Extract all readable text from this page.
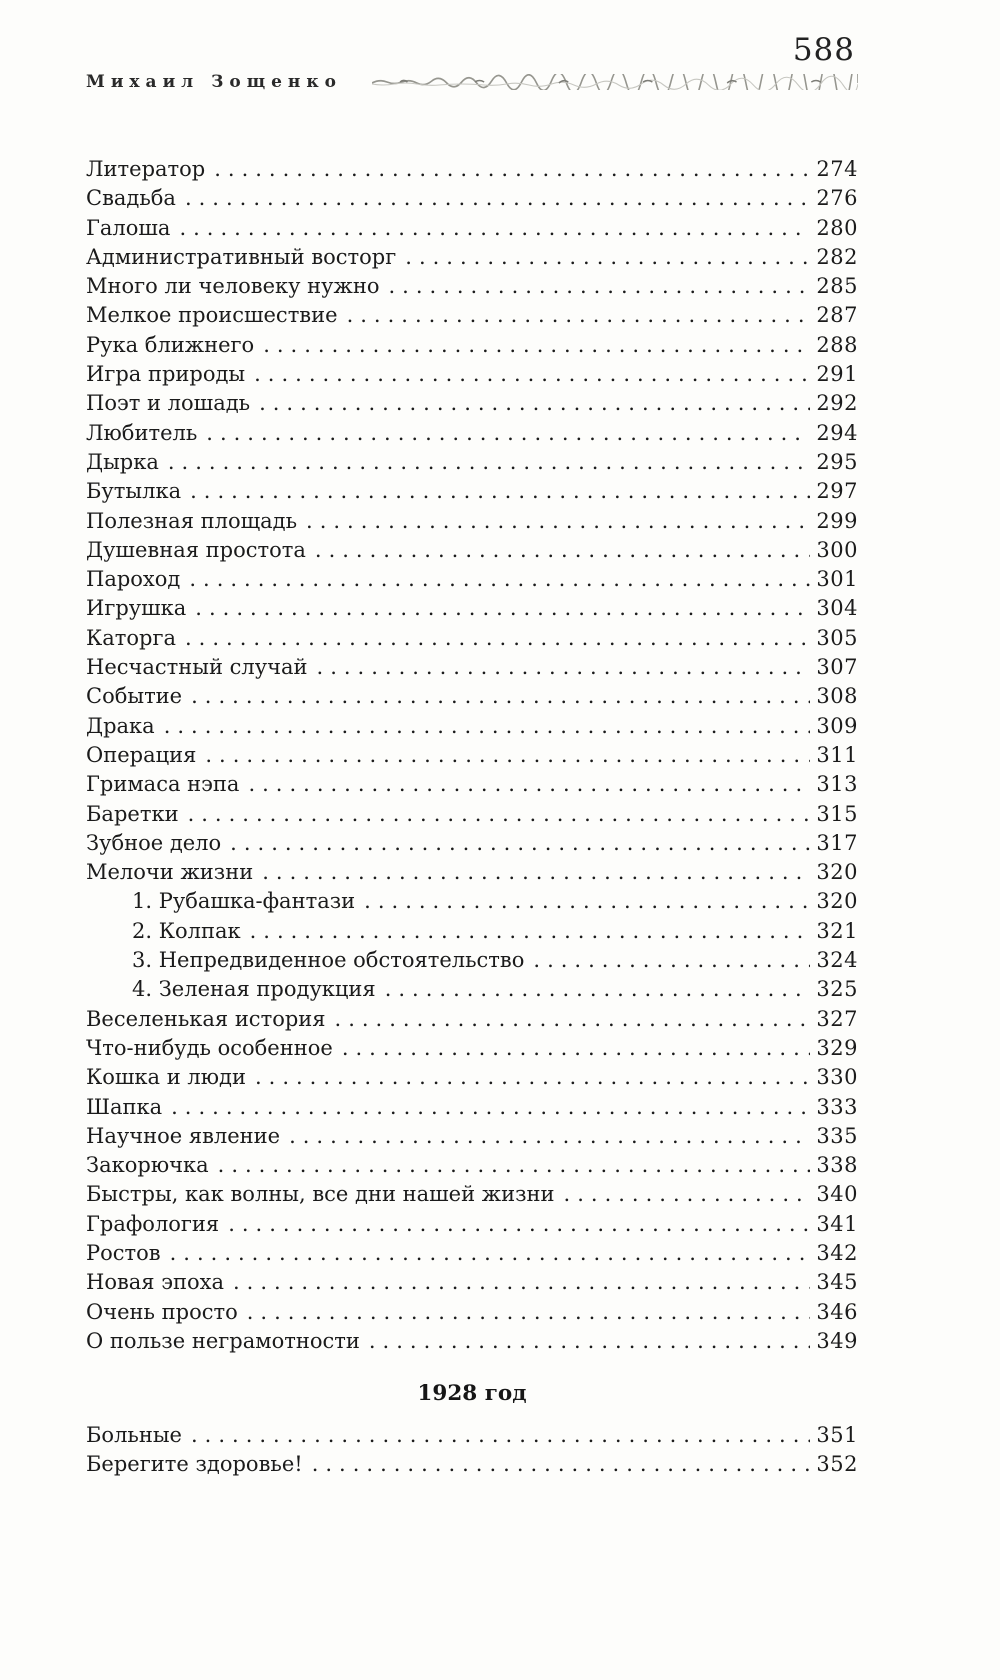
588
Михаил Зощенко
Литератор .....	274
Свадьба .....	276
Галоша .....	280
Административный восторг .....	282
Много ли человеку нужно .....	285
Мелкое происшествие .....	287
Рука ближнего .....	288
Игра природы .....	291
Поэт и лошадь .....	292
Любитель .....	294
Дырка .....	295
Бутылка .....	297
Полезная площадь .....	299
Душевная простота .....	300
Пароход .....	301
Игрушка .....	304
Каторга .....	305
Несчастный случай .....	307
Событие .....	308
Драка .....	309
Операция .....	311
Гримаса нэпа .....	313
Баретки .....	315
Зубное дело .....	317
Мелочи жизни .....	320
1. Рубашка-фантази .....	320
2. Колпак .....	321
3. Непредвиденное обстоятельство .....	324
4. Зеленая продукция .....	325
Веселенькая история .....	327
Что-нибудь особенное .....	329
Кошка и люди .....	330
Шапка .....	333
Научное явление .....	335
Закорючка .....	338
Быстры, как волны, все дни нашей жизни .....	340
Графология .....	341
Ростов .....	342
Новая эпоха .....	345
Очень просто .....	346
О пользе неграмотности .....	349
1928 год
Больные .....	351
Берегите здоровье! .....	352
